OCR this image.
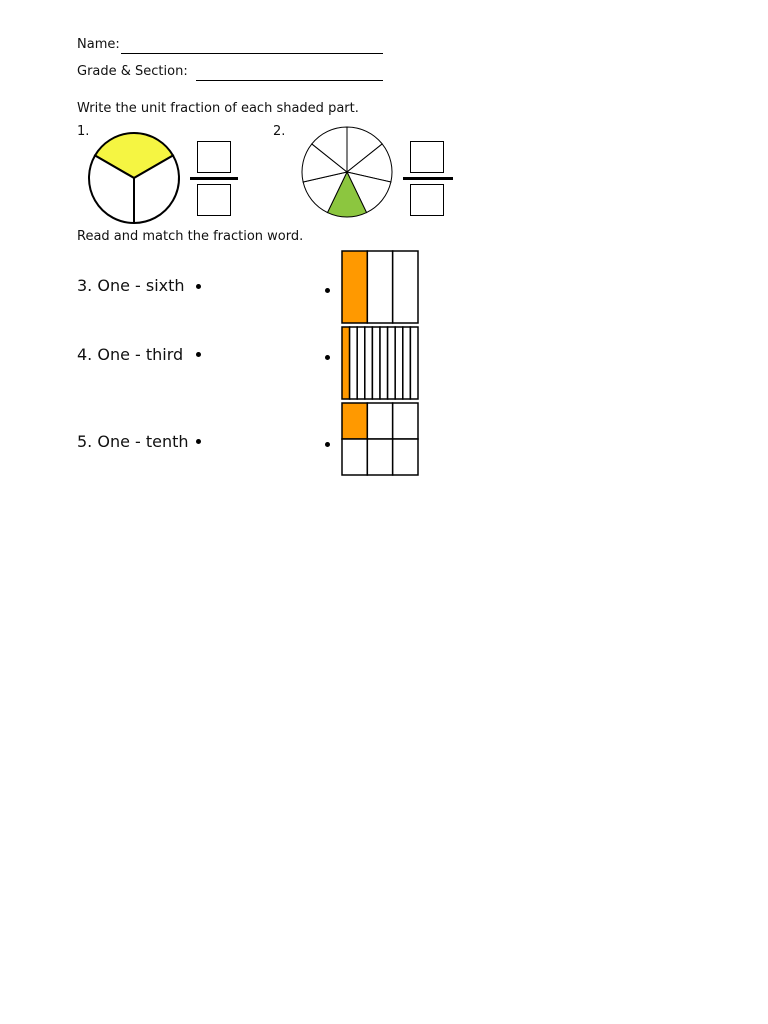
Name:
Grade & Section:
Write the unit fraction of each shaded part.
1.	2.
Read and match the fraction word.
3. One - sixth
4. One - third
5. One - tenth
